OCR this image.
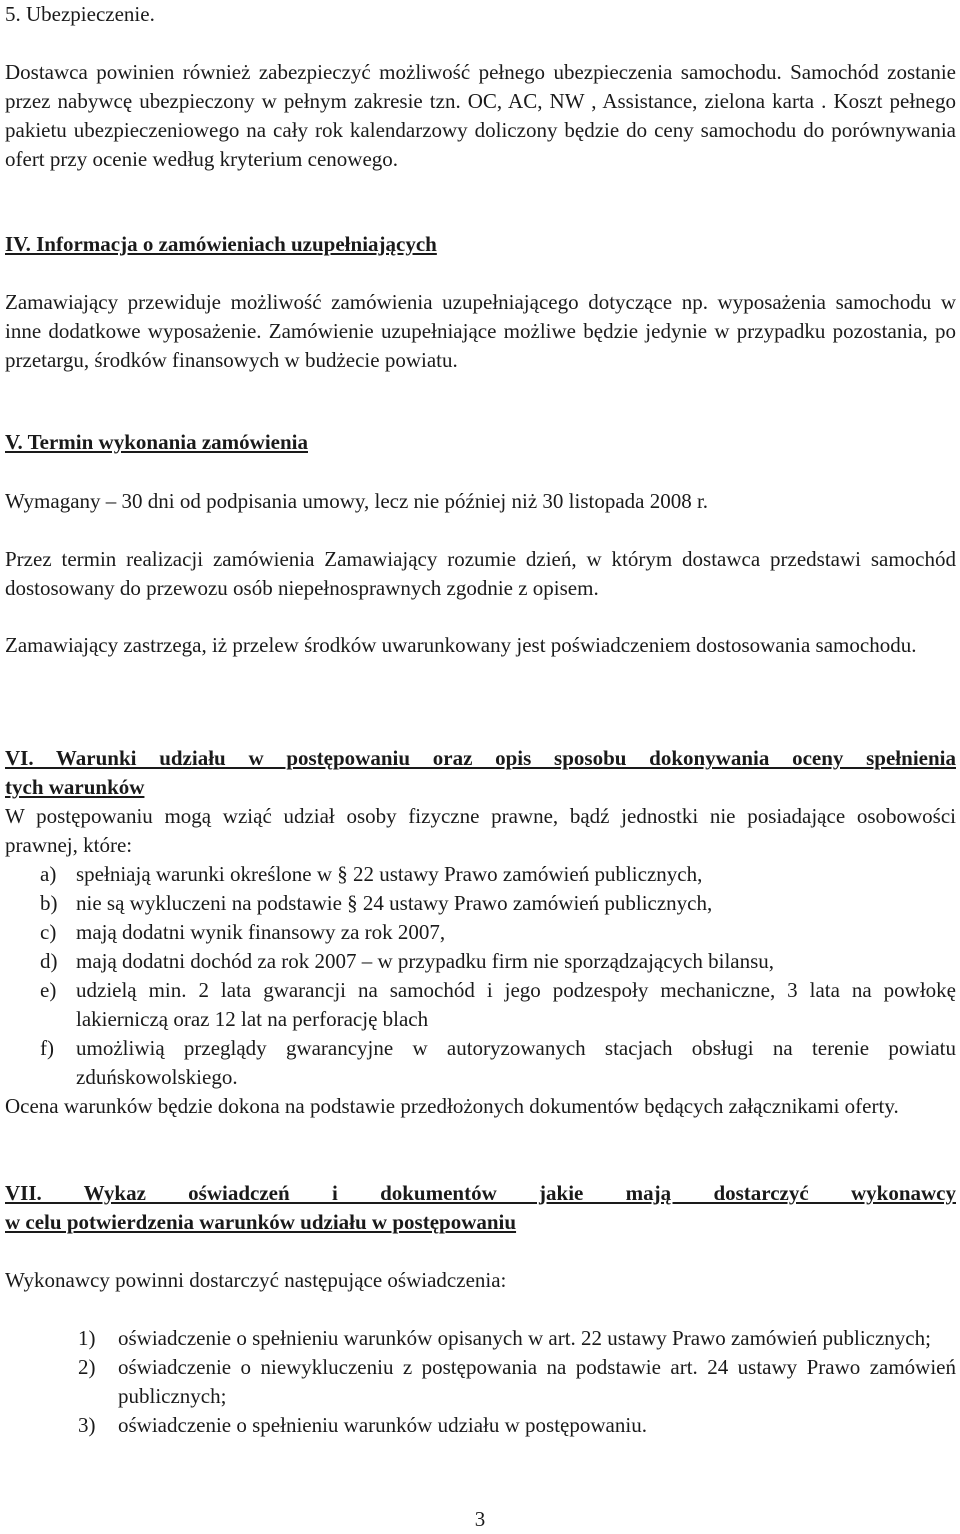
5. Ubezpieczenie.

Dostawca powinien również zabezpieczyć możliwość pełnego ubezpieczenia samochodu. Samochód zostanie przez nabywcę ubezpieczony w pełnym zakresie tzn. OC, AC, NW , Assistance, zielona karta . Koszt pełnego pakietu ubezpieczeniowego na cały rok kalendarzowy doliczony będzie do ceny samochodu do porównywania ofert przy ocenie według kryterium cenowego.

IV. Informacja o zamówieniach uzupełniających

Zamawiający przewiduje możliwość zamówienia uzupełniającego dotyczące np. wyposażenia samochodu w inne dodatkowe wyposażenie. Zamówienie uzupełniające możliwe będzie jedynie w przypadku pozostania, po przetargu, środków finansowych w budżecie powiatu.

V. Termin wykonania zamówienia

Wymagany – 30 dni od podpisania umowy, lecz nie później niż 30 listopada 2008 r.

Przez termin realizacji zamówienia Zamawiający rozumie dzień, w którym dostawca przedstawi samochód dostosowany do przewozu osób niepełnosprawnych zgodnie z opisem.

Zamawiający zastrzega, iż przelew środków uwarunkowany jest poświadczeniem dostosowania samochodu.

VI. Warunki udziału w postępowaniu oraz opis sposobu dokonywania oceny spełnienia

tych warunków

W postępowaniu mogą wziąć udział osoby fizyczne prawne, bądź jednostki nie posiadające osobowości prawnej, które:

a) spełniają warunki określone w § 22 ustawy Prawo zamówień publicznych,
b) nie są wykluczeni na podstawie § 24 ustawy Prawo zamówień publicznych,
c) mają dodatni wynik finansowy za rok 2007,
d) mają dodatni dochód za rok 2007 – w przypadku firm nie sporządzających bilansu,
e) udzielą min. 2 lata gwarancji na samochód i jego podzespoły mechaniczne, 3 lata na powłokę lakierniczą oraz 12 lat na perforację blach
f) umożliwią przeglądy gwarancyjne w autoryzowanych stacjach obsługi na terenie powiatu zduńskowolskiego.

Ocena warunków będzie dokona na podstawie przedłożonych dokumentów będących załącznikami oferty.

VII. Wykaz oświadczeń i dokumentów jakie mają dostarczyć wykonawcy

w celu potwierdzenia warunków udziału w postępowaniu

Wykonawcy powinni dostarczyć następujące oświadczenia:

1) oświadczenie o spełnieniu warunków opisanych w art. 22 ustawy Prawo zamówień publicznych;
2) oświadczenie o niewykluczeniu z postępowania na podstawie art. 24 ustawy Prawo zamówień publicznych;
3) oświadczenie o spełnieniu warunków udziału w postępowaniu.
3
